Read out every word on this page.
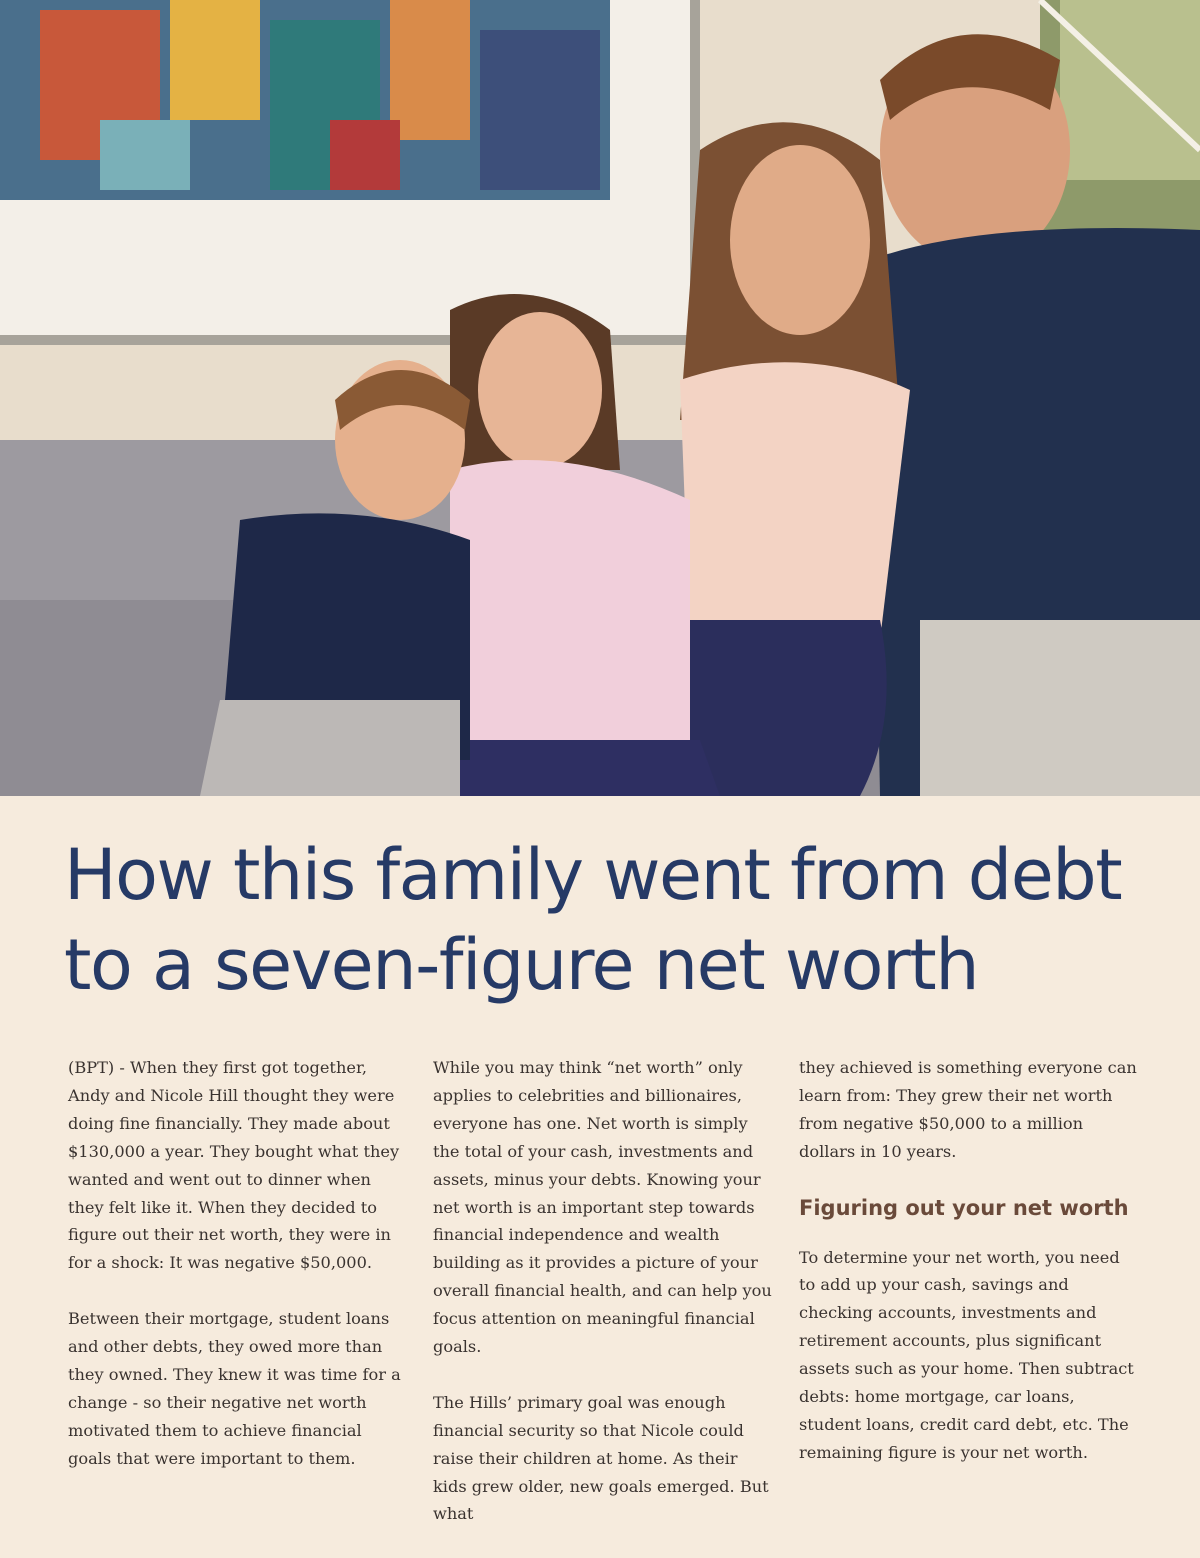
How this family went from debt
to a seven-figure net worth

(BPT) - When they first got together, Andy and Nicole Hill thought they were doing fine financially. They made about $130,000 a year. They bought what they wanted and went out to dinner when they felt like it. When they decided to figure out their net worth, they were in for a shock: It was negative $50,000.

Between their mortgage, student loans and other debts, they owed more than they owned. They knew it was time for a change - so their negative net worth motivated them to achieve financial goals that were important to them.

While you may think “net worth” only applies to celebrities and billionaires, everyone has one. Net worth is simply the total of your cash, investments and assets, minus your debts. Knowing your net worth is an important step towards financial independence and wealth building as it provides a picture of your overall financial health, and can help you focus attention on meaningful financial goals.

The Hills’ primary goal was enough financial security so that Nicole could raise their children at home. As their kids grew older, new goals emerged. But what

they achieved is something everyone can learn from: They grew their net worth from negative $50,000 to a million dollars in 10 years.

Figuring out your net worth

To determine your net worth, you need to add up your cash, savings and checking accounts, investments and retirement accounts, plus significant assets such as your home. Then subtract debts: home mortgage, car loans, student loans, credit card debt, etc. The remaining figure is your net worth.
